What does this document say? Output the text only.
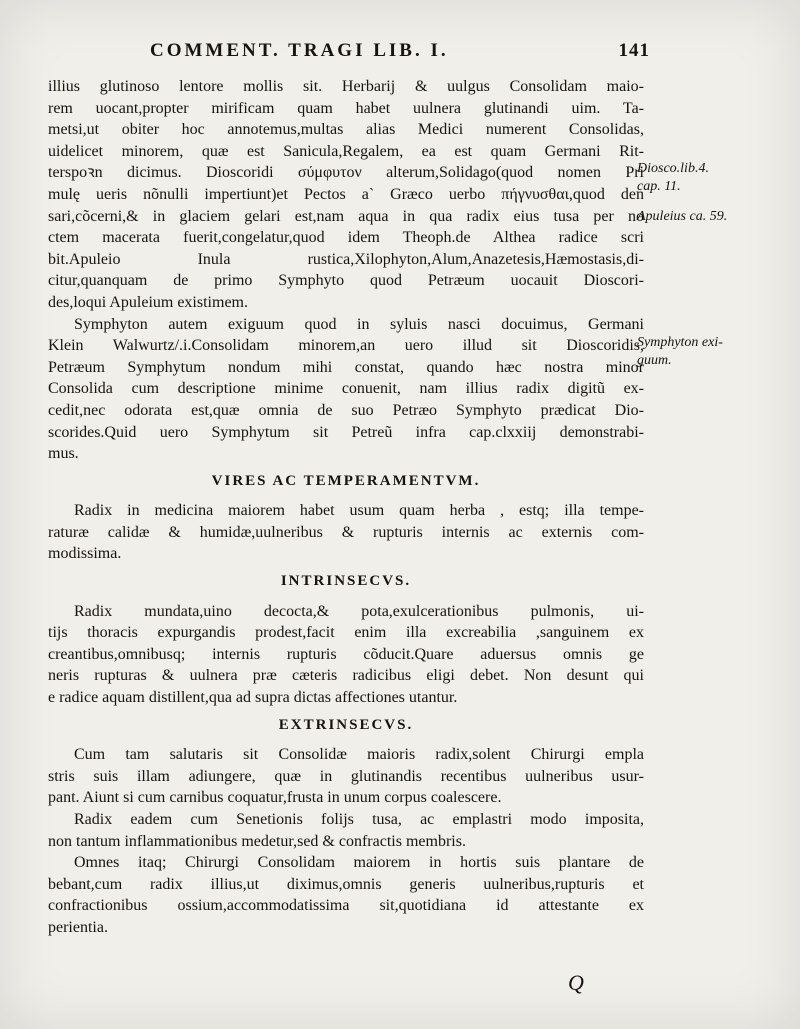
COMMENT. TRAGI LIB. I.	141
illius glutinoso lentore mollis sit. Herbarij & uulgus Consolidam maio-
rem uocant,propter mirificam quam habet uulnera glutinandi uim. Ta-
metsi,ut obiter hoc annotemus,multas alias Medici numerent Consolidas,
uidelicet minorem, quæ est Sanicula,Regalem, ea est quam Germani Rit-
terspoꝛn dicimus. Dioscoridi σύμφυτον alterum,Solidago(quod nomen Pri
mulę ueris nõnulli impertiunt)et Pectos a` Græco uerbo πήγνυσθαι,quod den
sari,cõcerni,& in glaciem gelari est,nam aqua in qua radix eius tusa per no
ctem macerata fuerit,congelatur,quod idem Theoph.de Althea radice scri
bit.Apuleio Inula rustica,Xilophyton,Alum,Anazetesis,Hæmostasis,di-
citur,quanquam de primo Symphyto quod Petræum uocauit Dioscori-
des,loqui Apuleium existimem.
Symphyton autem exiguum quod in syluis nasci docuimus, Germani
Klein Walwurtz/.i.Consolidam minorem,an uero illud sit Dioscoridis,
Petræum Symphytum nondum mihi constat, quando hæc nostra minor
Consolida cum descriptione minime conuenit, nam illius radix digitũ ex-
cedit,nec odorata est,quæ omnia de suo Petræo Symphyto prædicat Dio-
scorides.Quid uero Symphytum sit Petreũ infra cap.clxxiij demonstrabi-
mus.
VIRES AC TEMPERAMENTVM.
Radix in medicina maiorem habet usum quam herba , estq; illa tempe-
raturæ calidæ & humidæ,uulneribus & rupturis internis ac externis com-
modissima.
INTRINSECVS.
Radix mundata,uino decocta,& pota,exulcerationibus pulmonis, ui-
tijs thoracis expurgandis prodest,facit enim illa excreabilia ,sanguinem ex
creantibus,omnibusq; internis rupturis cõducit.Quare aduersus omnis ge
neris rupturas & uulnera præ cæteris radicibus eligi debet. Non desunt qui
e radice aquam distillent,qua ad supra dictas affectiones utantur.
EXTRINSECVS.
Cum tam salutaris sit Consolidæ maioris radix,solent Chirurgi empla
stris suis illam adiungere, quæ in glutinandis recentibus uulneribus usur-
pant. Aiunt si cum carnibus coquatur,frusta in unum corpus coalescere.
Radix eadem cum Senetionis folijs tusa, ac emplastri modo imposita,
non tantum inflammationibus medetur,sed & confractis membris.
Omnes itaq; Chirurgi Consolidam maiorem in hortis suis plantare de
bebant,cum radix illius,ut diximus,omnis generis uulneribus,rupturis et
confractionibus ossium,accommodatissima sit,quotidiana id attestante ex
perientia.
Diosco.lib.4.
cap. 11.
Apuleius ca. 59.
Symphyton exi-
guum.
Q
